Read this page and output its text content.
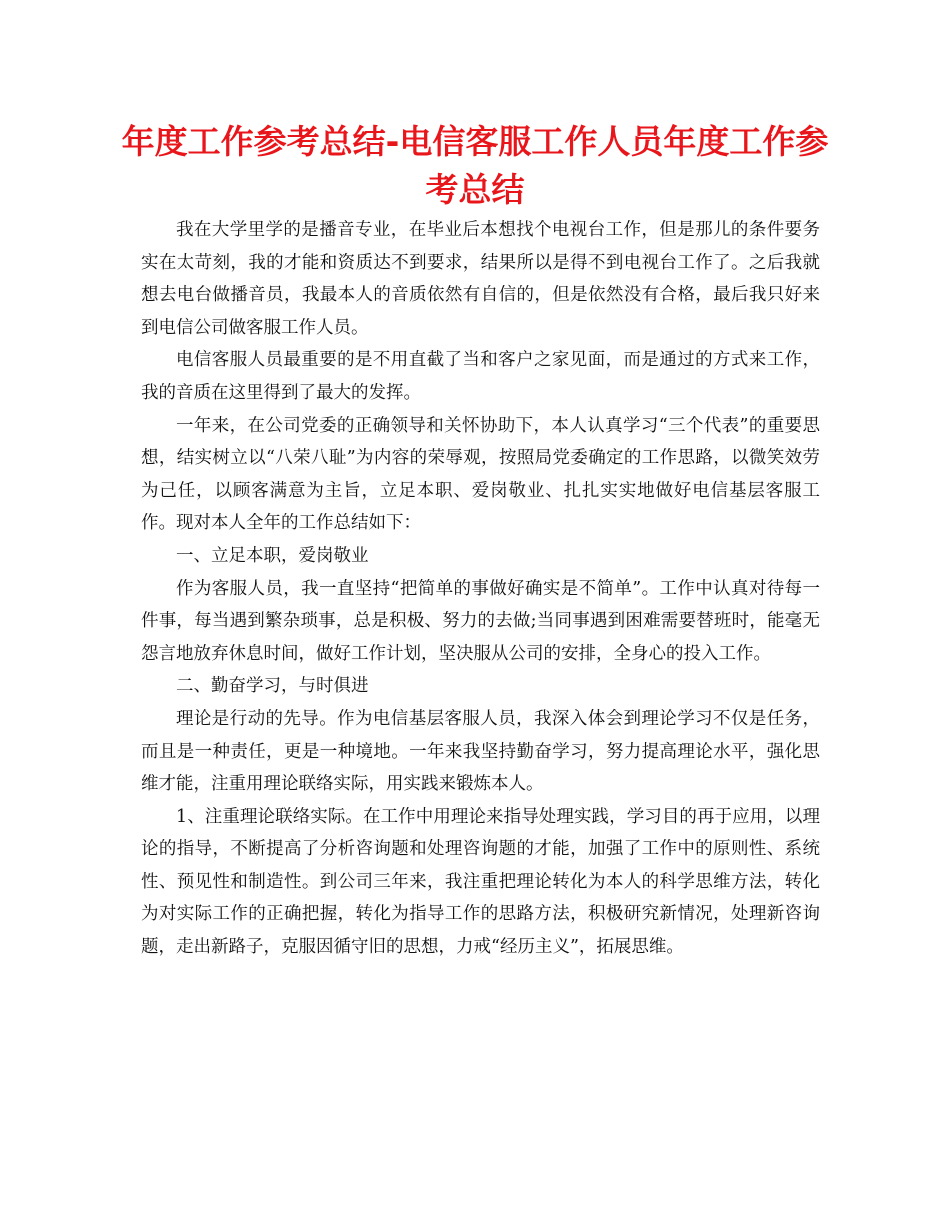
年度工作参考总结-电信客服工作人员年度工作参考总结

我在大学里学的是播音专业，在毕业后本想找个电视台工作，但是那儿的条件要务实在太苛刻，我的才能和资质达不到要求，结果所以是得不到电视台工作了。之后我就想去电台做播音员，我最本人的音质依然有自信的，但是依然没有合格，最后我只好来到电信公司做客服工作人员。

电信客服人员最重要的是不用直截了当和客户之家见面，而是通过的方式来工作，我的音质在这里得到了最大的发挥。

一年来，在公司党委的正确领导和关怀协助下，本人认真学习“三个代表”的重要思想，结实树立以“八荣八耻”为内容的荣辱观，按照局党委确定的工作思路，以微笑效劳为己任，以顾客满意为主旨，立足本职、爱岗敬业、扎扎实实地做好电信基层客服工作。现对本人全年的工作总结如下：

一、立足本职，爱岗敬业

作为客服人员，我一直坚持“把简单的事做好确实是不简单”。工作中认真对待每一件事，每当遇到繁杂琐事，总是积极、努力的去做;当同事遇到困难需要替班时，能毫无怨言地放弃休息时间，做好工作计划，坚决服从公司的安排，全身心的投入工作。

二、勤奋学习，与时俱进

理论是行动的先导。作为电信基层客服人员，我深入体会到理论学习不仅是任务，而且是一种责任，更是一种境地。一年来我坚持勤奋学习，努力提高理论水平，强化思维才能，注重用理论联络实际，用实践来锻炼本人。

1、注重理论联络实际。在工作中用理论来指导处理实践，学习目的再于应用，以理论的指导，不断提高了分析咨询题和处理咨询题的才能，加强了工作中的原则性、系统性、预见性和制造性。到公司三年来，我注重把理论转化为本人的科学思维方法，转化为对实际工作的正确把握，转化为指导工作的思路方法，积极研究新情况，处理新咨询题，走出新路子，克服因循守旧的思想，力戒“经历主义”，拓展思维。
